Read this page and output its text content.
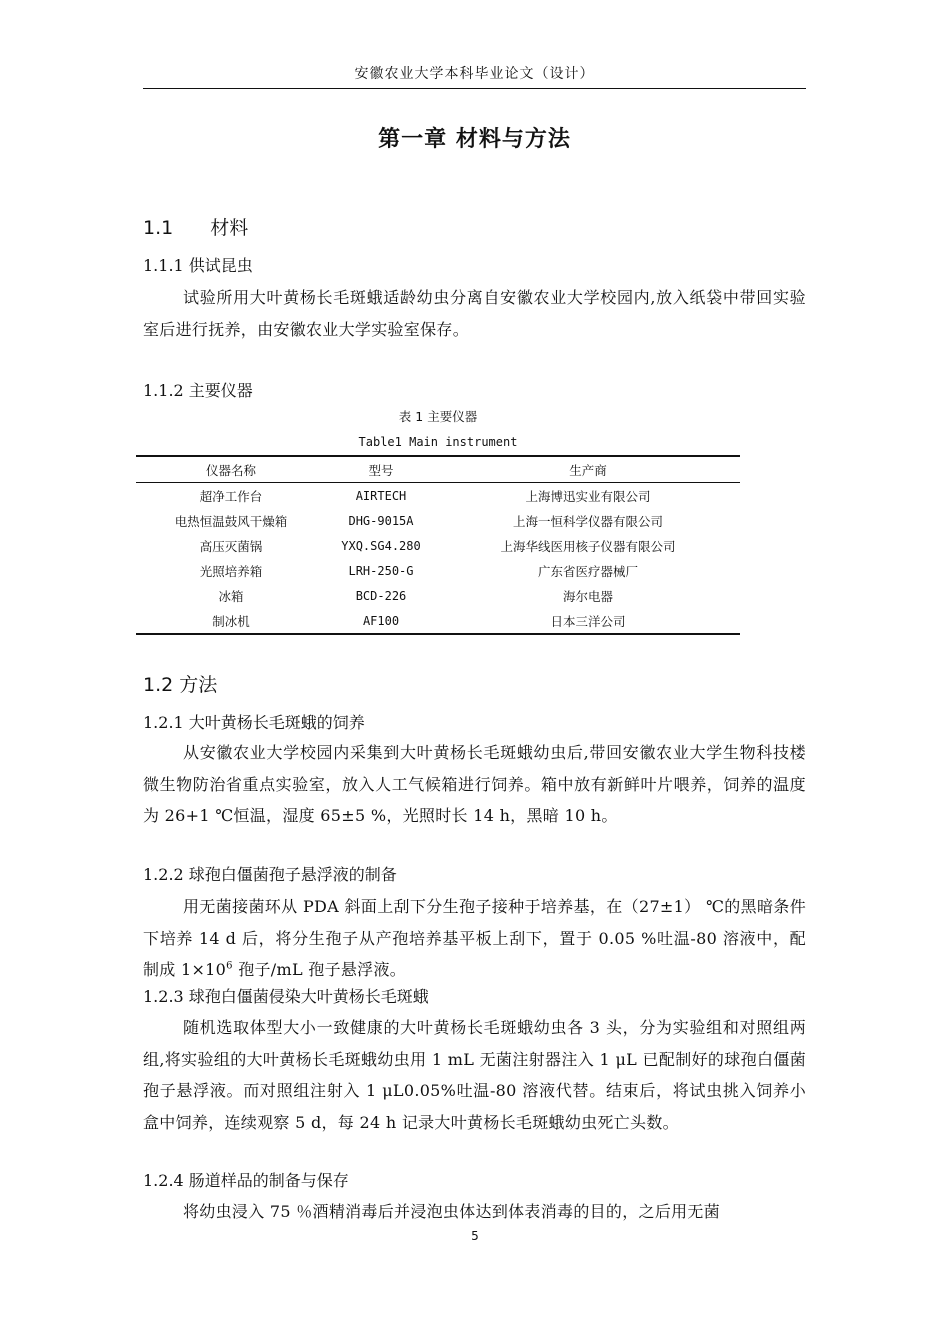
安徽农业大学本科毕业论文（设计）
第一章 材料与方法
1.1 材料
1.1.1 供试昆虫
试验所用大叶黄杨长毛斑蛾适龄幼虫分离自安徽农业大学校园内,放入纸袋中带回实验室后进行抚养，由安徽农业大学实验室保存。
1.1.2 主要仪器
表 1 主要仪器
Table1 Main instrument
仪器名称	型号	生产商
超净工作台	AIRTECH	上海博迅实业有限公司
电热恒温鼓风干燥箱	DHG-9015A	上海一恒科学仪器有限公司
高压灭菌锅	YXQ.SG4.280	上海华线医用核子仪器有限公司
光照培养箱	LRH-250-G	广东省医疗器械厂
冰箱	BCD-226	海尔电器
制冰机	AF100	日本三洋公司
1.2 方法
1.2.1 大叶黄杨长毛斑蛾的饲养
从安徽农业大学校园内采集到大叶黄杨长毛斑蛾幼虫后,带回安徽农业大学生物科技楼微生物防治省重点实验室，放入人工气候箱进行饲养。箱中放有新鲜叶片喂养，饲养的温度为 26+1 ℃恒温，湿度 65±5 %，光照时长 14 h，黑暗 10 h。
1.2.2 球孢白僵菌孢子悬浮液的制备
用无菌接菌环从 PDA 斜面上刮下分生孢子接种于培养基，在（27±1） ℃的黑暗条件下培养 14 d 后，将分生孢子从产孢培养基平板上刮下，置于 0.05 %吐温-80 溶液中，配制成 $1\times 10^6$ 孢子/mL 孢子悬浮液。
1.2.3 球孢白僵菌侵染大叶黄杨长毛斑蛾
随机选取体型大小一致健康的大叶黄杨长毛斑蛾幼虫各 3 头，分为实验组和对照组两组,将实验组的大叶黄杨长毛斑蛾幼虫用 1 mL 无菌注射器注入 1 μL 已配制好的球孢白僵菌孢子悬浮液。而对照组注射入 1 μL0.05%吐温-80 溶液代替。结束后，将试虫挑入饲养小盒中饲养，连续观察 5 d，每 24 h 记录大叶黄杨长毛斑蛾幼虫死亡头数。
1.2.4 肠道样品的制备与保存
将幼虫浸入 75 ％酒精消毒后并浸泡虫体达到体表消毒的目的，之后用无菌
5
